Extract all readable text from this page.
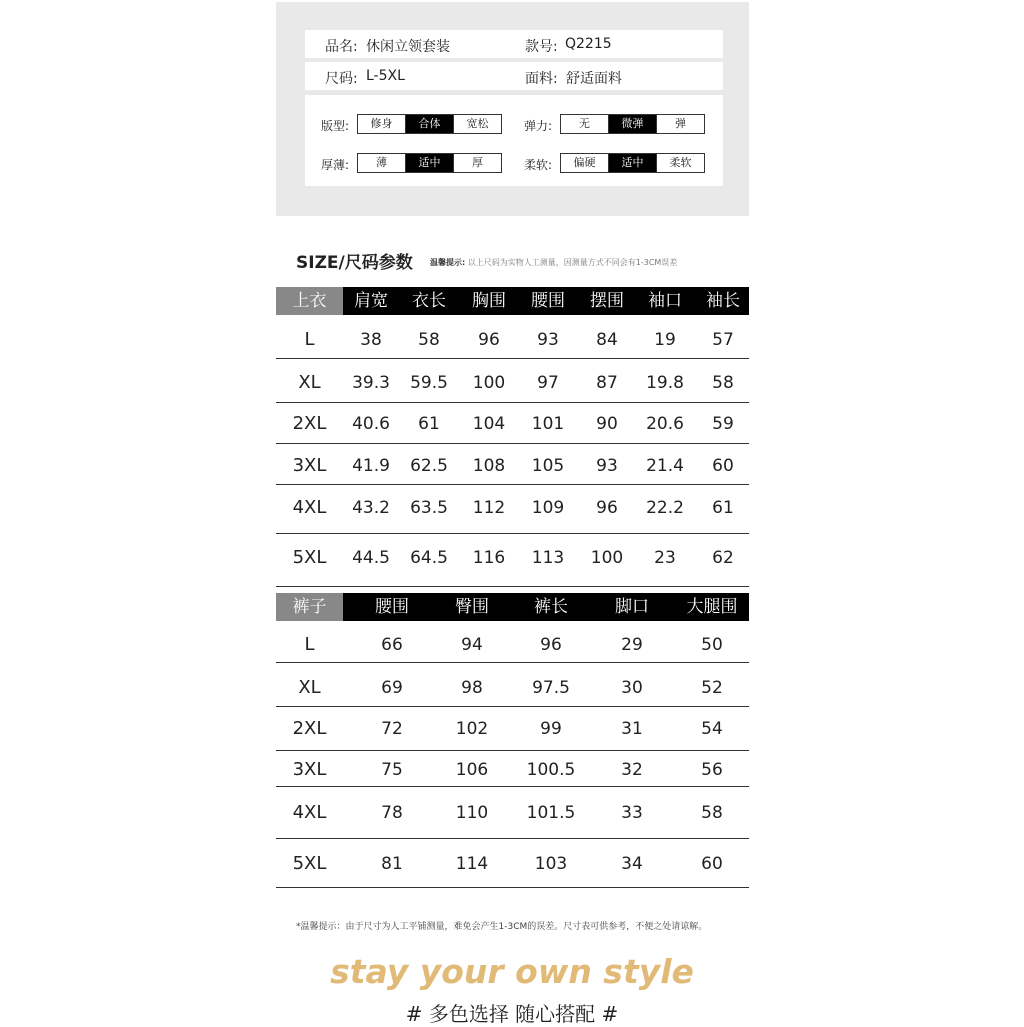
品名: 休闲立领套装	款号: Q2215
尺码: L-5XL	面料: 舒适面料
版型:	修身	合体	宽松	弹力:	无	微弹	弹
厚薄:	薄	适中	厚	柔软:	偏硬	适中	柔软
SIZE/尺码参数 温馨提示: 以上尺码为实物人工测量，因测量方式不同会有1-3CM误差
上衣	肩宽	衣长	胸围	腰围	摆围	袖口	袖长
L	38	58	96	93	84	19	57
XL	39.3	59.5	100	97	87	19.8	58
2XL	40.6	61	104	101	90	20.6	59
3XL	41.9	62.5	108	105	93	21.4	60
4XL	43.2	63.5	112	109	96	22.2	61
5XL	44.5	64.5	116	113	100	23	62
裤子	腰围	臀围	裤长	脚口	大腿围
L	66	94	96	29	50
XL	69	98	97.5	30	52
2XL	72	102	99	31	54
3XL	75	106	100.5	32	56
4XL	78	110	101.5	33	58
5XL	81	114	103	34	60
*温馨提示：由于尺寸为人工平铺测量，难免会产生1-3CM的误差。尺寸表可供参考，不便之处请谅解。
stay your own style
# 多色选择 随心搭配 #
